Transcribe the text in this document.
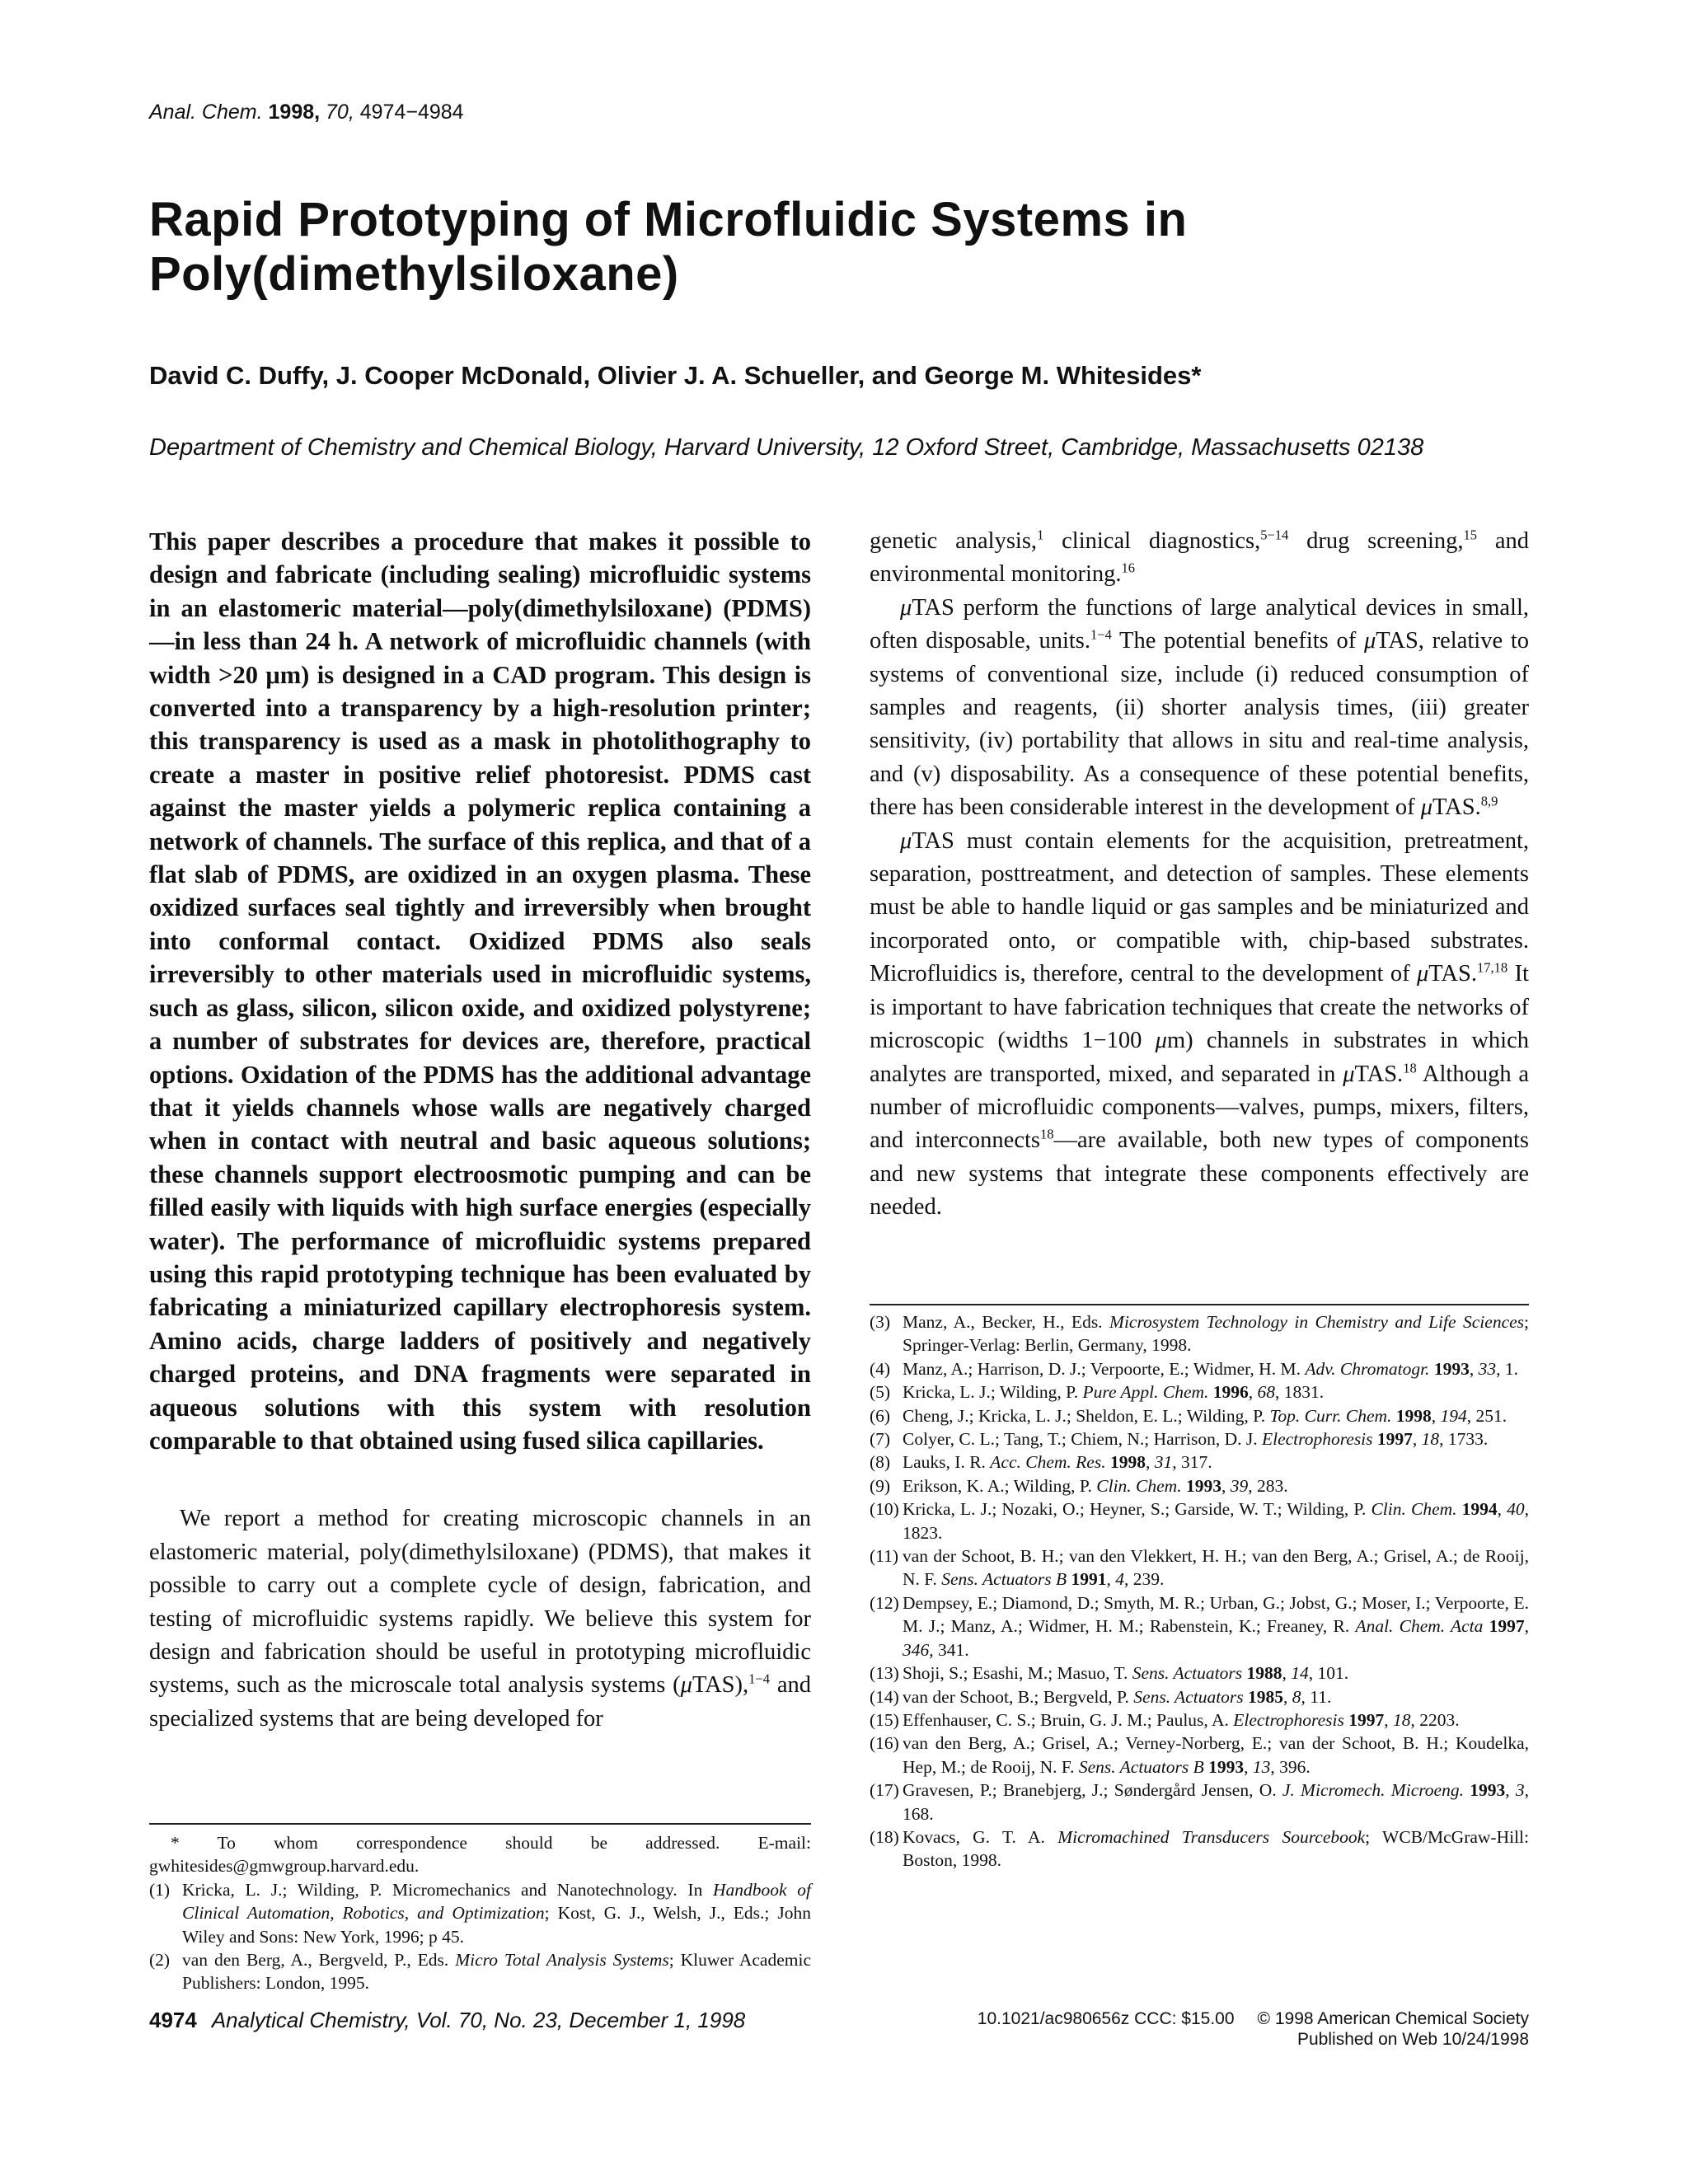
Anal. Chem. 1998, 70, 4974−4984
Rapid Prototyping of Microfluidic Systems in Poly(dimethylsiloxane)
David C. Duffy, J. Cooper McDonald, Olivier J. A. Schueller, and George M. Whitesides*
Department of Chemistry and Chemical Biology, Harvard University, 12 Oxford Street, Cambridge, Massachusetts 02138

This paper describes a procedure that makes it possible to design and fabricate (including sealing) microfluidic systems in an elastomeric material—poly(dimethylsiloxane) (PDMS)—in less than 24 h. A network of microfluidic channels (with width >20 μm) is designed in a CAD program. This design is converted into a transparency by a high-resolution printer; this transparency is used as a mask in photolithography to create a master in positive relief photoresist. PDMS cast against the master yields a polymeric replica containing a network of channels. The surface of this replica, and that of a flat slab of PDMS, are oxidized in an oxygen plasma. These oxidized surfaces seal tightly and irreversibly when brought into conformal contact. Oxidized PDMS also seals irreversibly to other materials used in microfluidic systems, such as glass, silicon, silicon oxide, and oxidized polystyrene; a number of substrates for devices are, therefore, practical options. Oxidation of the PDMS has the additional advantage that it yields channels whose walls are negatively charged when in contact with neutral and basic aqueous solutions; these channels support electroosmotic pumping and can be filled easily with liquids with high surface energies (especially water). The performance of microfluidic systems prepared using this rapid prototyping technique has been evaluated by fabricating a miniaturized capillary electrophoresis system. Amino acids, charge ladders of positively and negatively charged proteins, and DNA fragments were separated in aqueous solutions with this system with resolution comparable to that obtained using fused silica capillaries.

We report a method for creating microscopic channels in an elastomeric material, poly(dimethylsiloxane) (PDMS), that makes it possible to carry out a complete cycle of design, fabrication, and testing of microfluidic systems rapidly. We believe this system for design and fabrication should be useful in prototyping microfluidic systems, such as the microscale total analysis systems (μTAS),$^{1-4}$ and specialized systems that are being developed for

* To whom correspondence should be addressed. E-mail: gwhitesides@gmwgroup.harvard.edu.
(1) Kricka, L. J.; Wilding, P. Micromechanics and Nanotechnology. In Handbook of Clinical Automation, Robotics, and Optimization; Kost, G. J., Welsh, J., Eds.; John Wiley and Sons: New York, 1996; p 45.
(2) van den Berg, A., Bergveld, P., Eds. Micro Total Analysis Systems; Kluwer Academic Publishers: London, 1995.

genetic analysis,$^1$ clinical diagnostics,$^{5-14}$ drug screening,$^{15}$ and environmental monitoring.$^{16}$

μTAS perform the functions of large analytical devices in small, often disposable, units.$^{1-4}$ The potential benefits of μTAS, relative to systems of conventional size, include (i) reduced consumption of samples and reagents, (ii) shorter analysis times, (iii) greater sensitivity, (iv) portability that allows in situ and real-time analysis, and (v) disposability. As a consequence of these potential benefits, there has been considerable interest in the development of μTAS.$^{8,9}$

μTAS must contain elements for the acquisition, pretreatment, separation, posttreatment, and detection of samples. These elements must be able to handle liquid or gas samples and be miniaturized and incorporated onto, or compatible with, chip-based substrates. Microfluidics is, therefore, central to the development of μTAS.$^{17,18}$ It is important to have fabrication techniques that create the networks of microscopic (widths 1−100 μm) channels in substrates in which analytes are transported, mixed, and separated in μTAS.$^{18}$ Although a number of microfluidic components—valves, pumps, mixers, filters, and interconnects$^{18}$—are available, both new types of components and new systems that integrate these components effectively are needed.

(3) Manz, A., Becker, H., Eds. Microsystem Technology in Chemistry and Life Sciences; Springer-Verlag: Berlin, Germany, 1998.
(4) Manz, A.; Harrison, D. J.; Verpoorte, E.; Widmer, H. M. Adv. Chromatogr. 1993, 33, 1.
(5) Kricka, L. J.; Wilding, P. Pure Appl. Chem. 1996, 68, 1831.
(6) Cheng, J.; Kricka, L. J.; Sheldon, E. L.; Wilding, P. Top. Curr. Chem. 1998, 194, 251.
(7) Colyer, C. L.; Tang, T.; Chiem, N.; Harrison, D. J. Electrophoresis 1997, 18, 1733.
(8) Lauks, I. R. Acc. Chem. Res. 1998, 31, 317.
(9) Erikson, K. A.; Wilding, P. Clin. Chem. 1993, 39, 283.
(10) Kricka, L. J.; Nozaki, O.; Heyner, S.; Garside, W. T.; Wilding, P. Clin. Chem. 1994, 40, 1823.
(11) van der Schoot, B. H.; van den Vlekkert, H. H.; van den Berg, A.; Grisel, A.; de Rooij, N. F. Sens. Actuators B 1991, 4, 239.
(12) Dempsey, E.; Diamond, D.; Smyth, M. R.; Urban, G.; Jobst, G.; Moser, I.; Verpoorte, E. M. J.; Manz, A.; Widmer, H. M.; Rabenstein, K.; Freaney, R. Anal. Chem. Acta 1997, 346, 341.
(13) Shoji, S.; Esashi, M.; Masuo, T. Sens. Actuators 1988, 14, 101.
(14) van der Schoot, B.; Bergveld, P. Sens. Actuators 1985, 8, 11.
(15) Effenhauser, C. S.; Bruin, G. J. M.; Paulus, A. Electrophoresis 1997, 18, 2203.
(16) van den Berg, A.; Grisel, A.; Verney-Norberg, E.; van der Schoot, B. H.; Koudelka, Hep, M.; de Rooij, N. F. Sens. Actuators B 1993, 13, 396.
(17) Gravesen, P.; Branebjerg, J.; Søndergård Jensen, O. J. Micromech. Microeng. 1993, 3, 168.
(18) Kovacs, G. T. A. Micromachined Transducers Sourcebook; WCB/McGraw-Hill: Boston, 1998.
4974 Analytical Chemistry, Vol. 70, No. 23, December 1, 1998	10.1021/ac980656z CCC: $15.00 © 1998 American Chemical Society
Published on Web 10/24/1998
